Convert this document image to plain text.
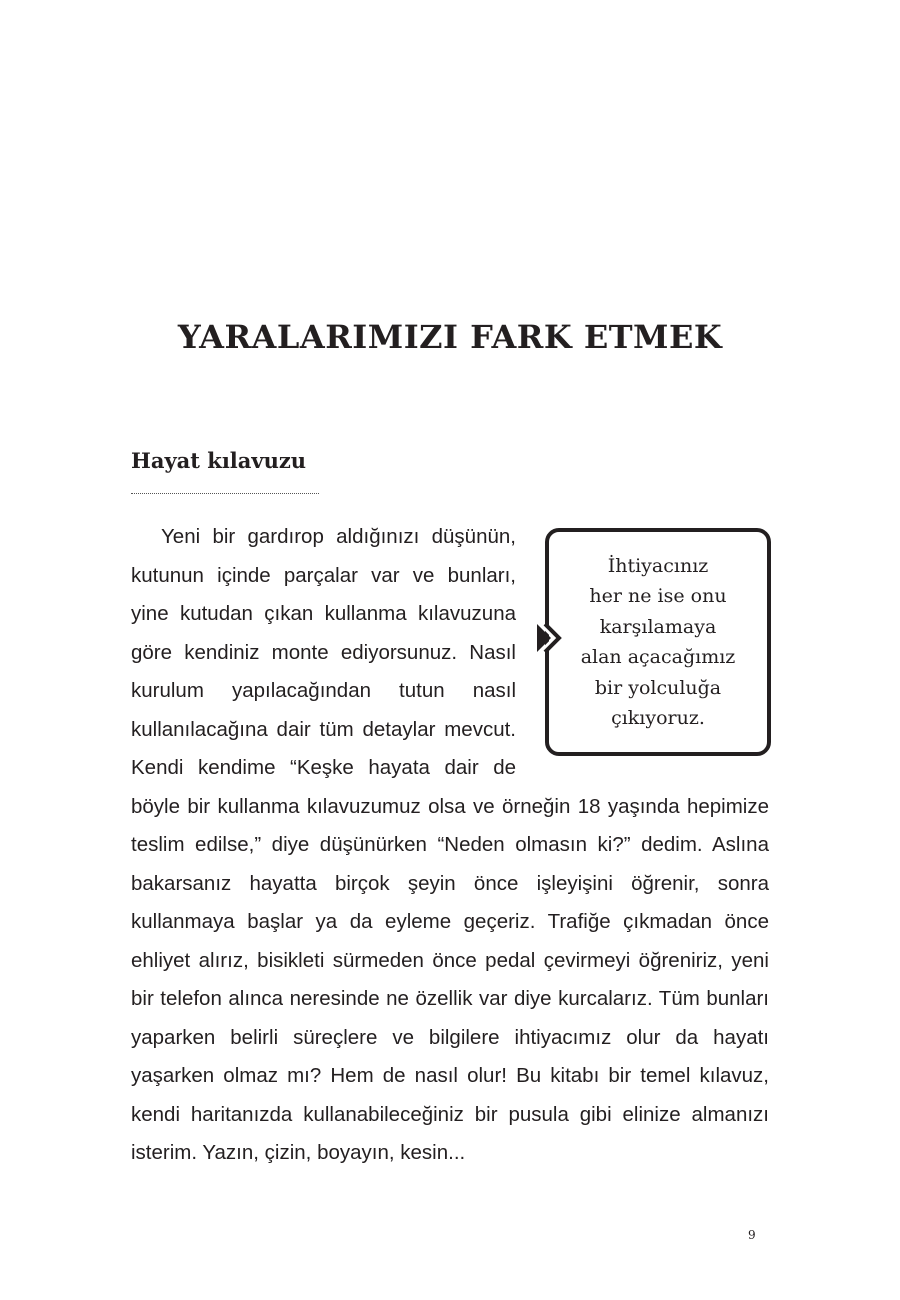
YARALARIMIZI FARK ETMEK
Hayat kılavuzu

Yeni bir gardırop aldığınızı düşünün, kutunun içinde parçalar var ve bunları, yine kutudan çıkan kullanma kılavuzuna göre kendiniz monte ediyorsunuz. Nasıl kurulum yapılacağından tutun nasıl kullanılacağına dair tüm detaylar mevcut. Kendi kendime “Keşke hayata dair de böyle bir kullanma kılavuzumuz olsa ve örneğin 18 yaşında hepimize teslim edilse,” diye düşünürken “Neden olmasın ki?” dedim. Aslına bakarsanız hayatta birçok şeyin önce işleyişini öğrenir, sonra kullanmaya başlar ya da eyleme geçeriz. Trafiğe çıkmadan önce ehliyet alırız, bisikleti sürmeden önce pedal çevirmeyi öğreniriz, yeni bir telefon alınca neresinde ne özellik var diye kurcalarız. Tüm bunları yaparken belirli süreçlere ve bilgilere ihtiyacımız olur da hayatı yaşarken olmaz mı? Hem de nasıl olur! Bu kitabı bir temel kılavuz, kendi haritanızda kullanabileceğiniz bir pusula gibi elinize almanızı isterim. Yazın, çizin, boyayın, kesin...

İhtiyacınız
her ne ise onu
karşılamaya
alan açacağımız
bir yolculuğa
çıkıyoruz.

9
